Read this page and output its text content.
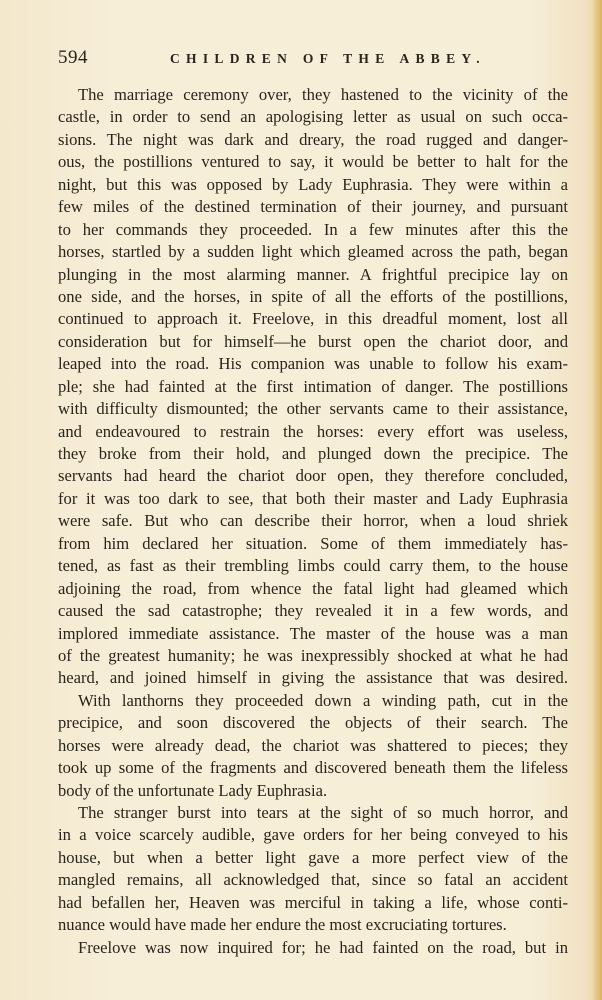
594	CHILDREN OF THE ABBEY.
The marriage ceremony over, they hastened to the vicinity of the
castle, in order to send an apologising letter as usual on such occa-
sions. The night was dark and dreary, the road rugged and danger-
ous, the postillions ventured to say, it would be better to halt for the
night, but this was opposed by Lady Euphrasia. They were within a
few miles of the destined termination of their journey, and pursuant
to her commands they proceeded. In a few minutes after this the
horses, startled by a sudden light which gleamed across the path, began
plunging in the most alarming manner. A frightful precipice lay on
one side, and the horses, in spite of all the efforts of the postillions,
continued to approach it. Freelove, in this dreadful moment, lost all
consideration but for himself—he burst open the chariot door, and
leaped into the road. His companion was unable to follow his exam-
ple; she had fainted at the first intimation of danger. The postillions
with difficulty dismounted; the other servants came to their assistance,
and endeavoured to restrain the horses: every effort was useless,
they broke from their hold, and plunged down the precipice. The
servants had heard the chariot door open, they therefore concluded,
for it was too dark to see, that both their master and Lady Euphrasia
were safe. But who can describe their horror, when a loud shriek
from him declared her situation. Some of them immediately has-
tened, as fast as their trembling limbs could carry them, to the house
adjoining the road, from whence the fatal light had gleamed which
caused the sad catastrophe; they revealed it in a few words, and
implored immediate assistance. The master of the house was a man
of the greatest humanity; he was inexpressibly shocked at what he had
heard, and joined himself in giving the assistance that was desired.
With lanthorns they proceeded down a winding path, cut in the
precipice, and soon discovered the objects of their search. The
horses were already dead, the chariot was shattered to pieces; they
took up some of the fragments and discovered beneath them the lifeless
body of the unfortunate Lady Euphrasia.
The stranger burst into tears at the sight of so much horror, and
in a voice scarcely audible, gave orders for her being conveyed to his
house, but when a better light gave a more perfect view of the
mangled remains, all acknowledged that, since so fatal an accident
had befallen her, Heaven was merciful in taking a life, whose conti-
nuance would have made her endure the most excruciating tortures.
Freelove was now inquired for; he had fainted on the road, but in
